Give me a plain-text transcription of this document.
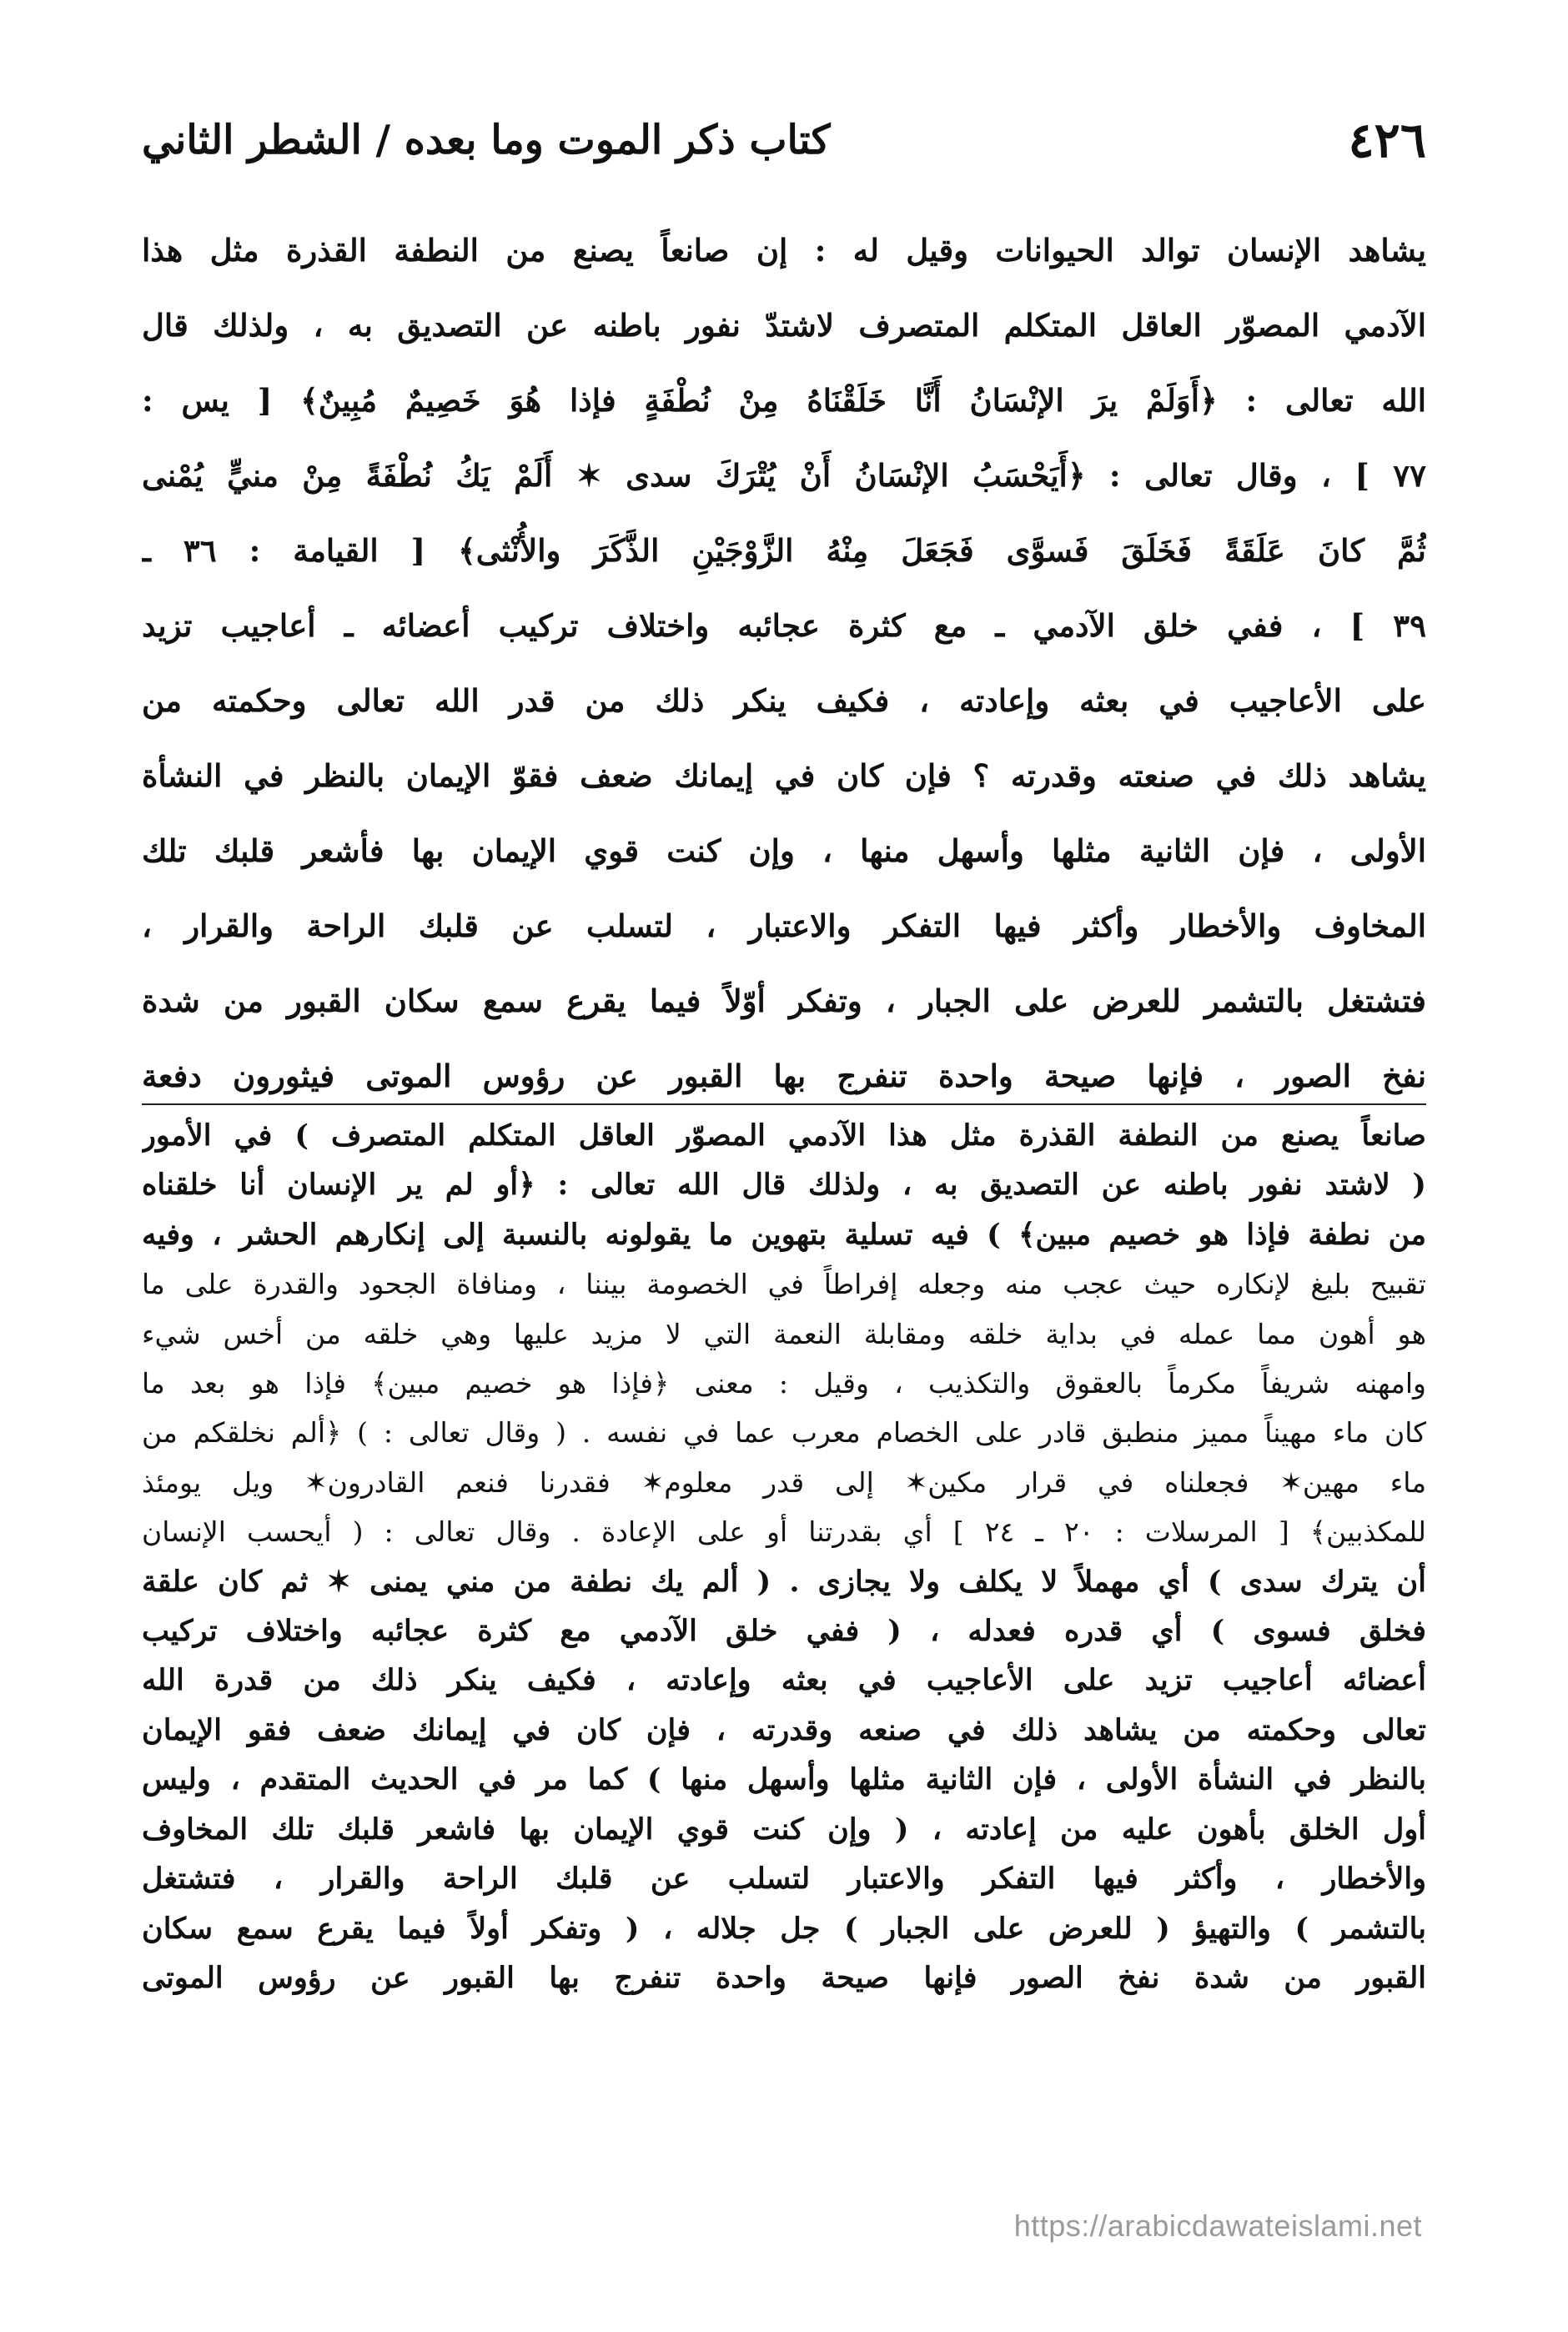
٤٢٦
كتاب ذكر الموت وما بعده / الشطر الثاني
يشاهد الإنسان توالد الحيوانات وقيل له : إن صانعاً يصنع من النطفة القذرة مثل هذا
الآدمي المصوّر العاقل المتكلم المتصرف لاشتدّ نفور باطنه عن التصديق به ، ولذلك قال
الله تعالى : ﴿أَوَلَمْ يرَ الإنْسَانُ أَنَّا خَلَقْنَاهُ مِنْ نُطْفَةٍ فإذا هُوَ خَصِيمٌ مُبِينٌ﴾ [ يس :
٧٧ ] ، وقال تعالى : ﴿أَيَحْسَبُ الإنْسَانُ أَنْ يُتْرَكَ سدى ✶ أَلَمْ يَكُ نُطْفَةً مِنْ منيٍّ يُمْنى
ثُمَّ كانَ عَلَقَةً فَخَلَقَ فَسوَّى فَجَعَلَ مِنْهُ الزَّوْجَيْنِ الذَّكَرَ والأُنْثى﴾ [ القيامة : ٣٦ ـ
٣٩ ] ، ففي خلق الآدمي ـ مع كثرة عجائبه واختلاف تركيب أعضائه ـ أعاجيب تزيد
على الأعاجيب في بعثه وإعادته ، فكيف ينكر ذلك من قدر الله تعالى وحكمته من
يشاهد ذلك في صنعته وقدرته ؟ فإن كان في إيمانك ضعف فقوّ الإيمان بالنظر في النشأة
الأولى ، فإن الثانية مثلها وأسهل منها ، وإن كنت قوي الإيمان بها فأشعر قلبك تلك
المخاوف والأخطار وأكثر فيها التفكر والاعتبار ، لتسلب عن قلبك الراحة والقرار ،
فتشتغل بالتشمر للعرض على الجبار ، وتفكر أوّلاً فيما يقرع سمع سكان القبور من شدة
نفخ الصور ، فإنها صيحة واحدة تنفرج بها القبور عن رؤوس الموتى فيثورون دفعة
صانعاً يصنع من النطفة القذرة مثل هذا الآدمي المصوّر العاقل المتكلم المتصرف ) في الأمور
( لاشتد نفور باطنه عن التصديق به ، ولذلك قال الله تعالى : ﴿أو لم ير الإنسان أنا خلقناه
من نطفة فإذا هو خصيم مبين﴾ ) فيه تسلية بتهوين ما يقولونه بالنسبة إلى إنكارهم الحشر ، وفيه
تقبيح بليغ لإنكاره حيث عجب منه وجعله إفراطاً في الخصومة بيننا ، ومنافاة الجحود والقدرة على ما
هو أهون مما عمله في بداية خلقه ومقابلة النعمة التي لا مزيد عليها وهي خلقه من أخس شيء
وامهنه شريفاً مكرماً بالعقوق والتكذيب ، وقيل : معنى ﴿فإذا هو خصيم مبين﴾ فإذا هو بعد ما
كان ماء مهيناً مميز منطبق قادر على الخصام معرب عما في نفسه . ( وقال تعالى : ) ﴿ألم نخلقكم من
ماء مهين✶ فجعلناه في قرار مكين✶ إلى قدر معلوم✶ فقدرنا فنعم القادرون✶ ويل يومئذ
للمكذبين﴾ [ المرسلات : ٢٠ ـ ٢٤ ] أي بقدرتنا أو على الإعادة . وقال تعالى : ( أيحسب الإنسان
أن يترك سدى ) أي مهملاً لا يكلف ولا يجازى . ( ألم يك نطفة من مني يمنى ✶ ثم كان علقة
فخلق فسوى ) أي قدره فعدله ، ( ففي خلق الآدمي مع كثرة عجائبه واختلاف تركيب
أعضائه أعاجيب تزيد على الأعاجيب في بعثه وإعادته ، فكيف ينكر ذلك من قدرة الله
تعالى وحكمته من يشاهد ذلك في صنعه وقدرته ، فإن كان في إيمانك ضعف فقو الإيمان
بالنظر في النشأة الأولى ، فإن الثانية مثلها وأسهل منها ) كما مر في الحديث المتقدم ، وليس
أول الخلق بأهون عليه من إعادته ، ( وإن كنت قوي الإيمان بها فاشعر قلبك تلك المخاوف
والأخطار ، وأكثر فيها التفكر والاعتبار لتسلب عن قلبك الراحة والقرار ، فتشتغل
بالتشمر ) والتهيؤ ( للعرض على الجبار ) جل جلاله ، ( وتفكر أولاً فيما يقرع سمع سكان
القبور من شدة نفخ الصور فإنها صيحة واحدة تنفرج بها القبور عن رؤوس الموتى
https://arabicdawateislami.net
